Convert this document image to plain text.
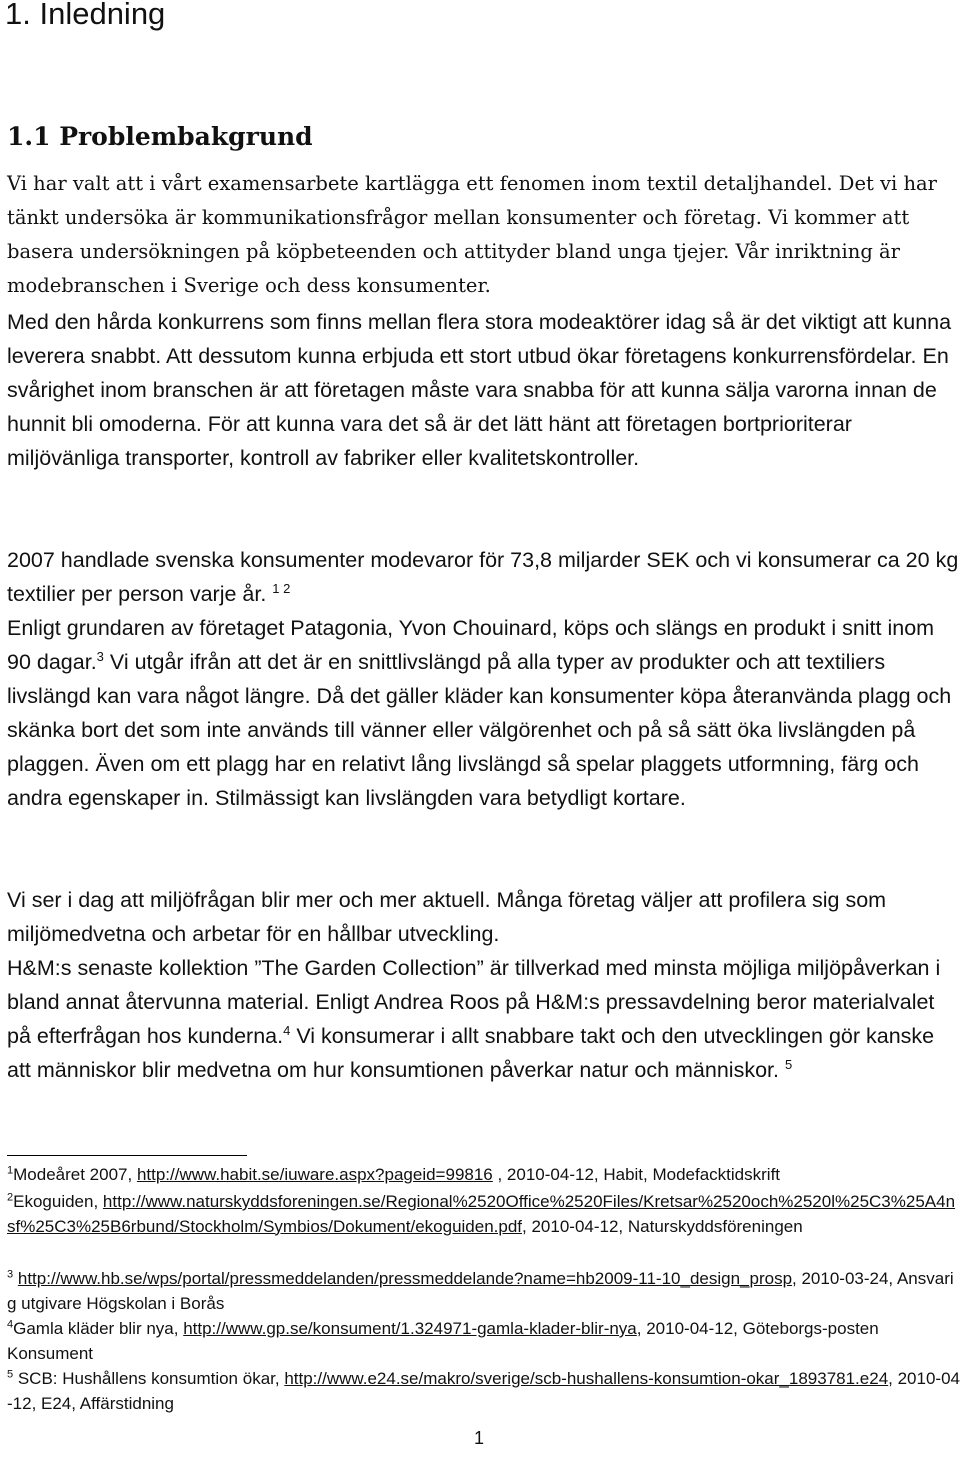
1. Inledning
1.1 Problembakgrund

Vi har valt att i vårt examensarbete kartlägga ett fenomen inom textil detaljhandel. Det vi har tänkt undersöka är kommunikationsfrågor mellan konsumenter och företag. Vi kommer att basera undersökningen på köpbeteenden och attityder bland unga tjejer. Vår inriktning är modebranschen i Sverige och dess konsumenter.

Med den hårda konkurrens som finns mellan flera stora modeaktörer idag så är det viktigt att kunna leverera snabbt. Att dessutom kunna erbjuda ett stort utbud ökar företagens konkurrensfördelar. En svårighet inom branschen är att företagen måste vara snabba för att kunna sälja varorna innan de hunnit bli omoderna. För att kunna vara det så är det lätt hänt att företagen bortprioriterar miljövänliga transporter, kontroll av fabriker eller kvalitetskontroller.

2007 handlade svenska konsumenter modevaror för 73,8 miljarder SEK och vi konsumerar ca 20 kg textilier per person varje år. $^{1 2}$

Enligt grundaren av företaget Patagonia, Yvon Chouinard, köps och slängs en produkt i snitt inom 90 dagar.$^3$ Vi utgår ifrån att det är en snittlivslängd på alla typer av produkter och att textiliers livslängd kan vara något längre. Då det gäller kläder kan konsumenter köpa återanvända plagg och skänka bort det som inte används till vänner eller välgörenhet och på så sätt öka livslängden på plaggen. Även om ett plagg har en relativt lång livslängd så spelar plaggets utformning, färg och andra egenskaper in. Stilmässigt kan livslängden vara betydligt kortare.

Vi ser i dag att miljöfrågan blir mer och mer aktuell. Många företag väljer att profilera sig som miljömedvetna och arbetar för en hållbar utveckling.

H&M:s senaste kollektion ”The Garden Collection” är tillverkad med minsta möjliga miljöpåverkan i bland annat återvunna material. Enligt Andrea Roos på H&M:s pressavdelning beror materialvalet på efterfrågan hos kunderna.$^4$ Vi konsumerar i allt snabbare takt och den utvecklingen gör kanske att människor blir medvetna om hur konsumtionen påverkar natur och människor. $^5$

$^1$Modeåret 2007, http://www.habit.se/iuware.aspx?pageid=99816 , 2010-04-12, Habit, Modefacktidskrift

$^2$Ekoguiden, http://www.naturskyddsforeningen.se/Regional%2520Office%2520Files/Kretsar%2520och%2520l%25C3%25A4nsf%25C3%25B6rbund/Stockholm/Symbios/Dokument/ekoguiden.pdf, 2010-04-12, Naturskyddsföreningen

$^3$ http://www.hb.se/wps/portal/pressmeddelanden/pressmeddelande?name=hb2009-11-10_design_prosp, 2010-03-24, Ansvarig utgivare Högskolan i Borås

$^4$Gamla kläder blir nya, http://www.gp.se/konsument/1.324971-gamla-klader-blir-nya, 2010-04-12, Göteborgs-posten Konsument

$^5$ SCB: Hushållens konsumtion ökar, http://www.e24.se/makro/sverige/scb-hushallens-konsumtion-okar_1893781.e24, 2010-04-12, E24, Affärstidning

1
